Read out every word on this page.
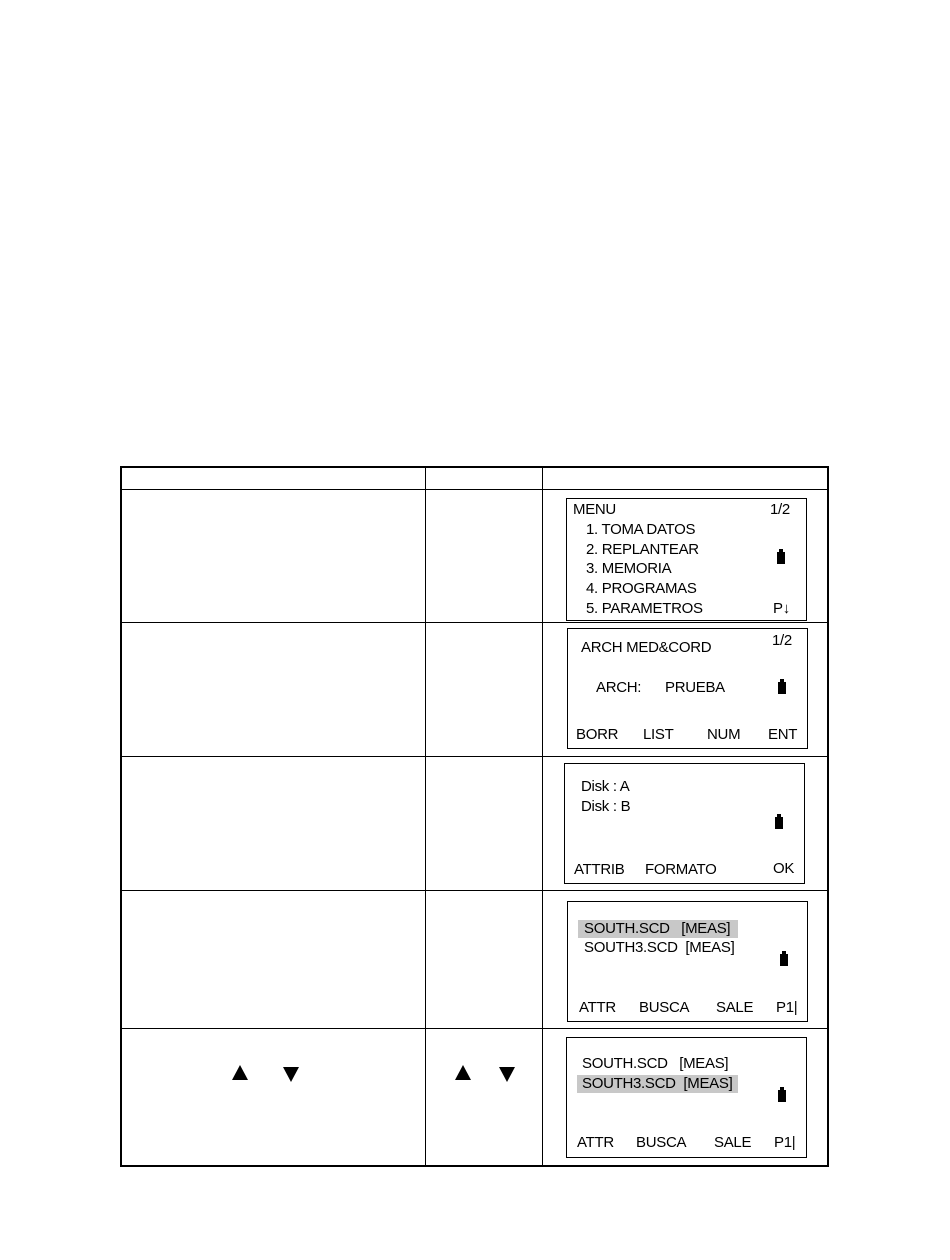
MENU	1/2
1. TOMA DATOS
2. REPLANTEAR
3. MEMORIA
4. PROGRAMAS
5. PARAMETROS	P↓
ARCH MED&CORD	1/2
ARCH: PRUEBA
BORR LIST NUM ENT
Disk : A
Disk : B
ATTRIB FORMATO	OK
SOUTH.SCD   [MEAS]
SOUTH3.SCD  [MEAS]
ATTR BUSCA SALE P1|
SOUTH.SCD   [MEAS]
SOUTH3.SCD  [MEAS]
ATTR BUSCA SALE P1|
